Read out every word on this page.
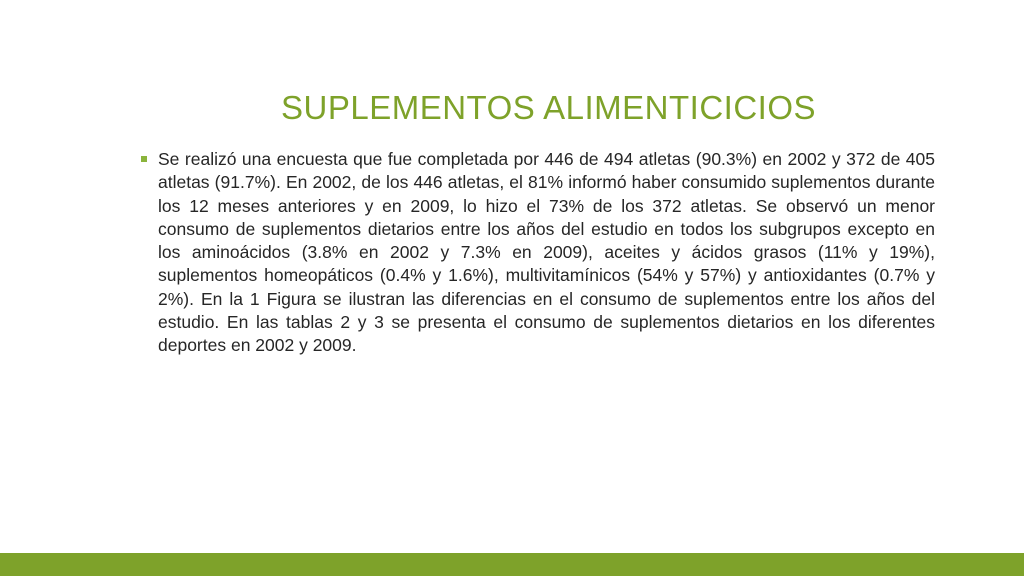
SUPLEMENTOS ALIMENTICICIOS

Se realizó una encuesta que fue completada por 446 de 494 atletas (90.3%) en 2002 y 372 de 405 atletas (91.7%). En 2002, de los 446 atletas, el 81% informó haber consumido suplementos durante los 12 meses anteriores y en 2009, lo hizo el 73% de los 372 atletas. Se observó un menor consumo de suplementos dietarios entre los años del estudio en todos los subgrupos excepto en los aminoácidos (3.8% en 2002 y 7.3% en 2009), aceites y ácidos grasos (11% y 19%), suplementos homeopáticos (0.4% y 1.6%), multivitamínicos (54% y 57%) y antioxidantes (0.7% y 2%). En la 1 Figura se ilustran las diferencias en el consumo de suplementos entre los años del estudio. En las tablas 2 y 3 se presenta el consumo de suplementos dietarios en los diferentes deportes en 2002 y 2009.
